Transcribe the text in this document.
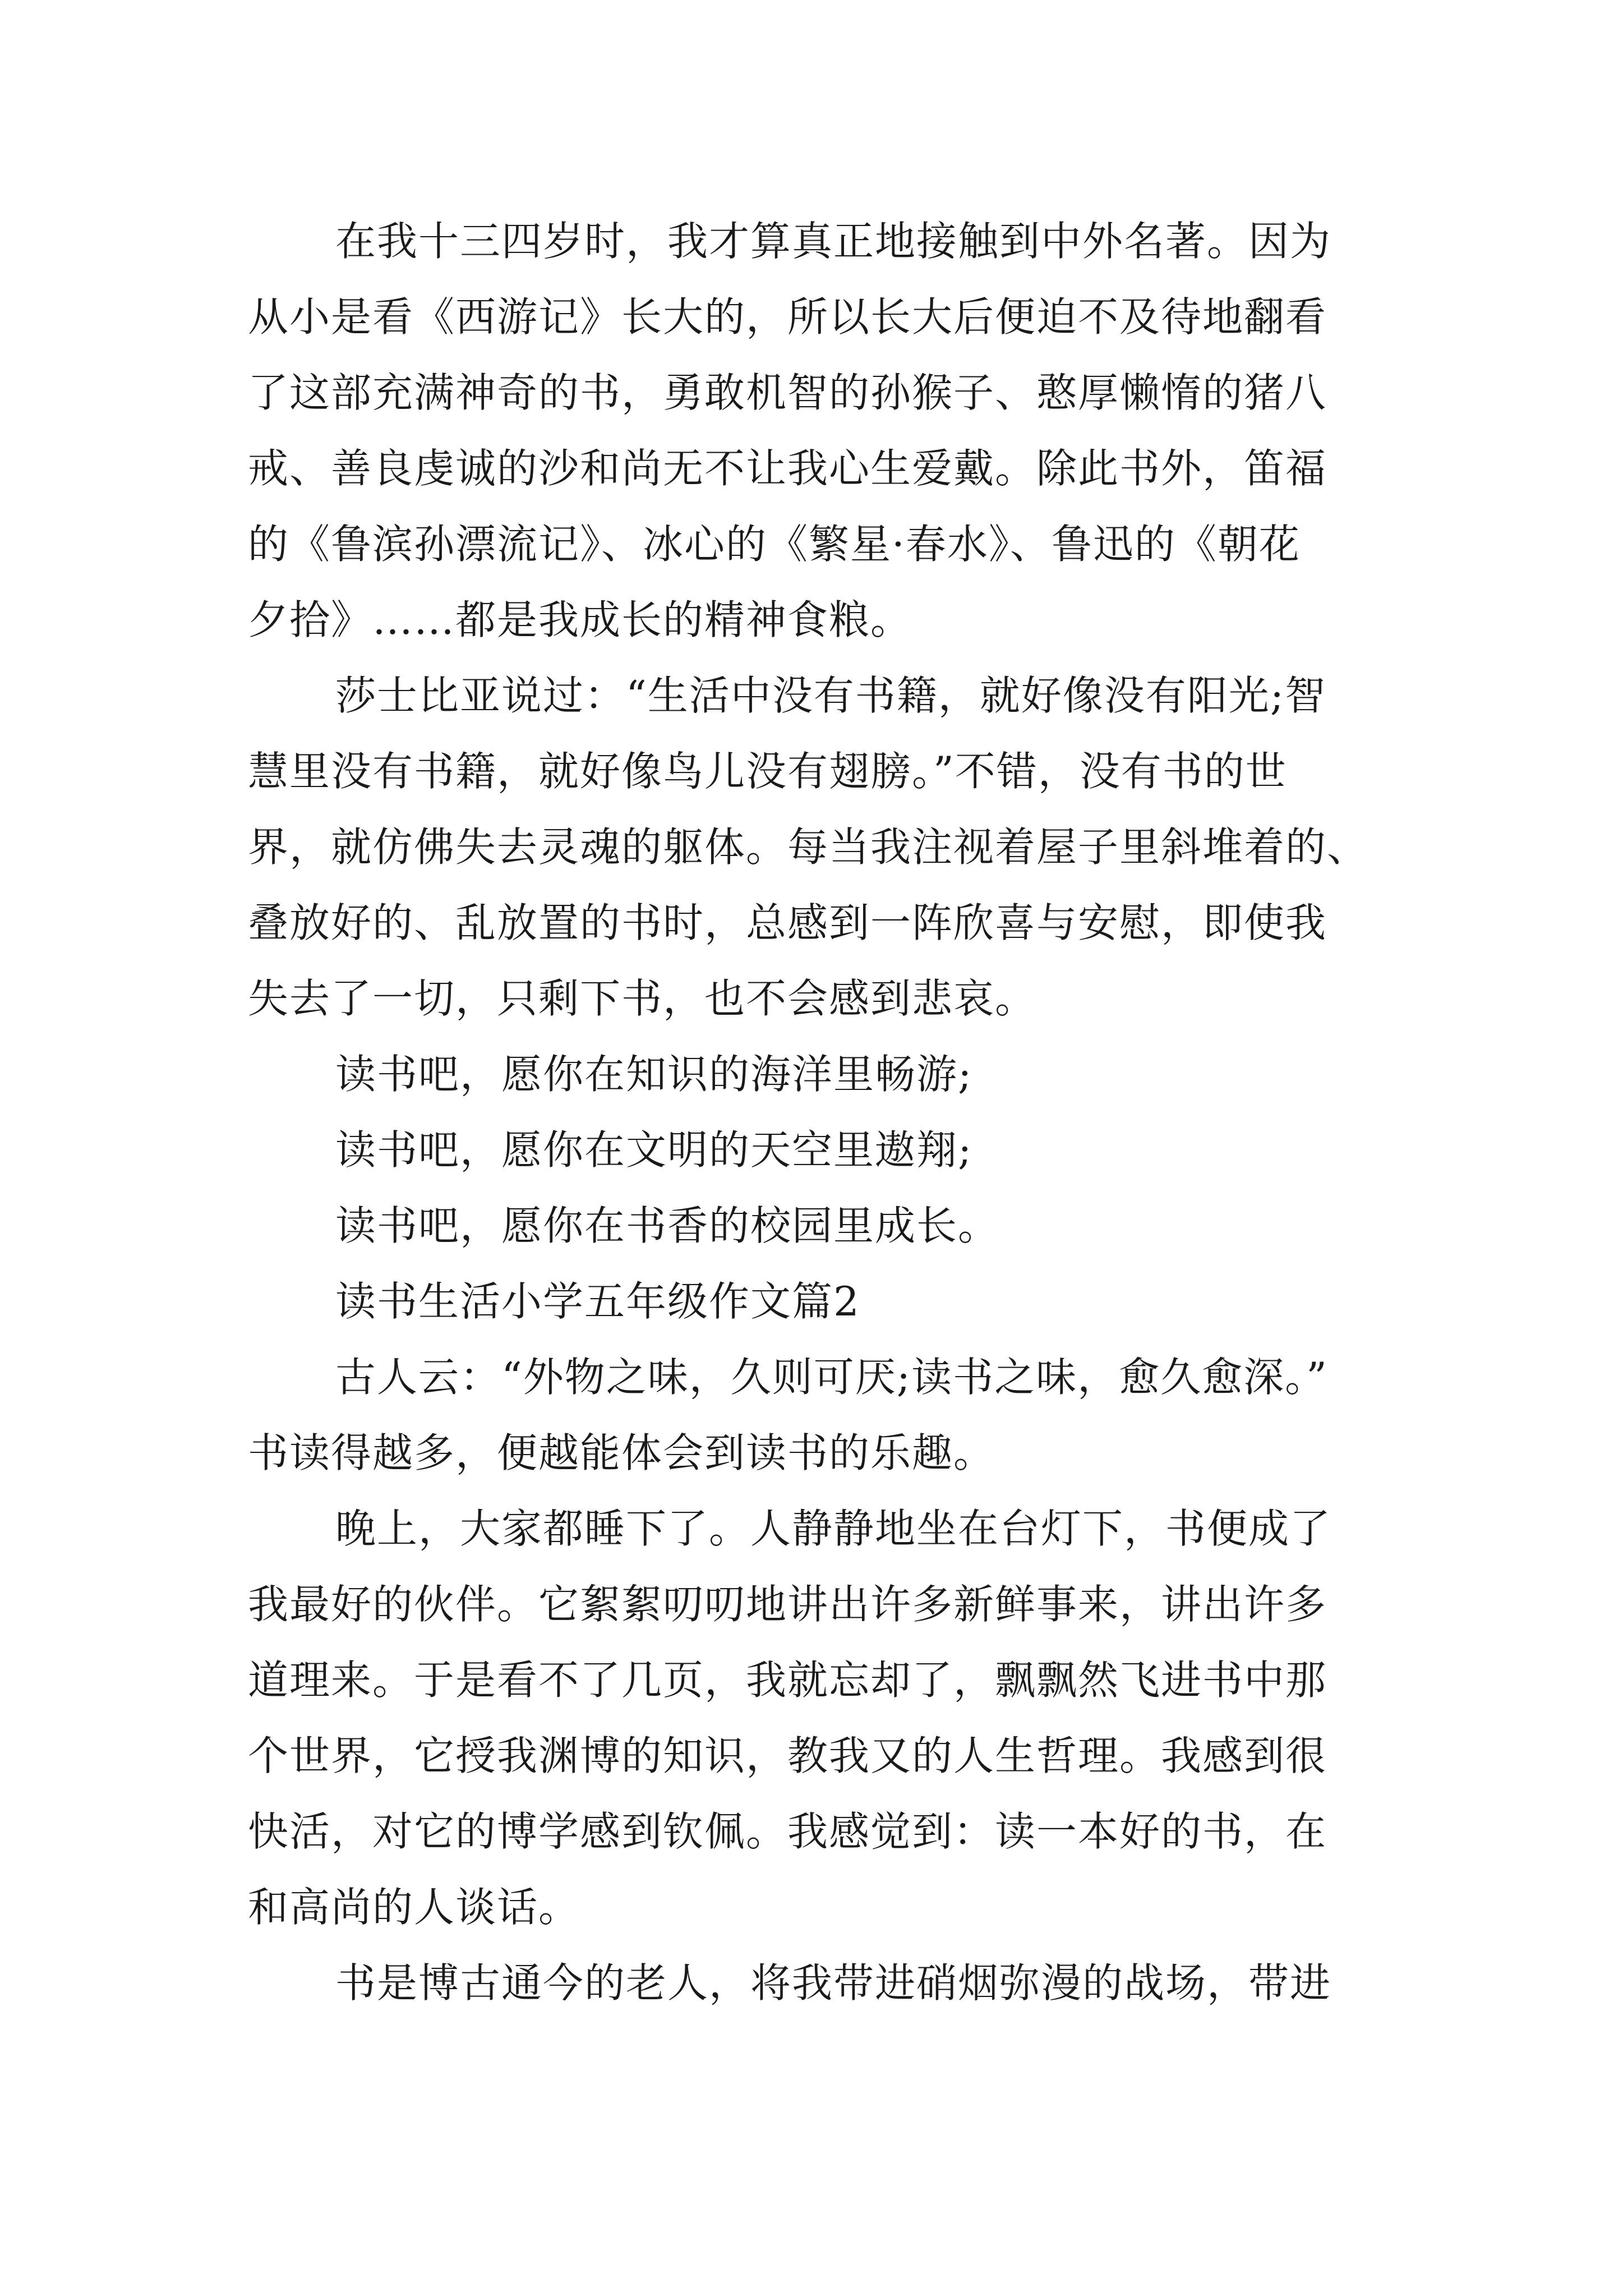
在我十三四岁时，我才算真正地接触到中外名著。因为
从小是看《西游记》长大的，所以长大后便迫不及待地翻看
了这部充满神奇的书，勇敢机智的孙猴子、憨厚懒惰的猪八
戒、善良虔诚的沙和尚无不让我心生爱戴。除此书外，笛福
的《鲁滨孙漂流记》、冰心的《繁星·春水》、鲁迅的《朝花
夕拾》……都是我成长的精神食粮。
莎士比亚说过：“生活中没有书籍，就好像没有阳光;智
慧里没有书籍，就好像鸟儿没有翅膀。”不错，没有书的世
界，就仿佛失去灵魂的躯体。每当我注视着屋子里斜堆着的、
叠放好的、乱放置的书时，总感到一阵欣喜与安慰，即使我
失去了一切，只剩下书，也不会感到悲哀。
读书吧，愿你在知识的海洋里畅游;
读书吧，愿你在文明的天空里遨翔;
读书吧，愿你在书香的校园里成长。
读书生活小学五年级作文篇2
古人云：“外物之味，久则可厌;读书之味，愈久愈深。”
书读得越多，便越能体会到读书的乐趣。
晚上，大家都睡下了。人静静地坐在台灯下，书便成了
我最好的伙伴。它絮絮叨叨地讲出许多新鲜事来，讲出许多
道理来。于是看不了几页，我就忘却了，飘飘然飞进书中那
个世界，它授我渊博的知识，教我又的人生哲理。我感到很
快活，对它的博学感到钦佩。我感觉到：读一本好的书，在
和高尚的人谈话。
书是博古通今的老人，将我带进硝烟弥漫的战场，带进
